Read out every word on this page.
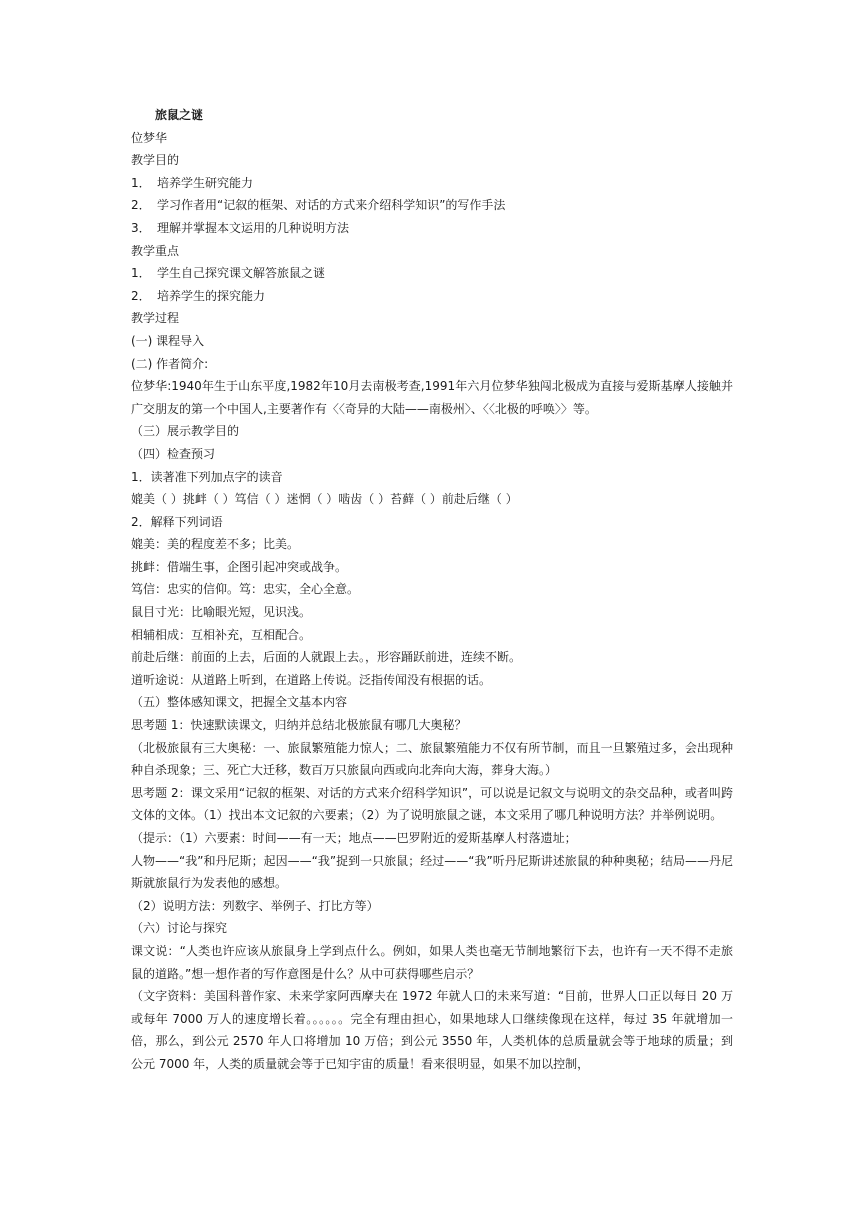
旅鼠之谜
位梦华
教学目的
1． 培养学生研究能力
2． 学习作者用“记叙的框架、对话的方式来介绍科学知识”的写作手法
3． 理解并掌握本文运用的几种说明方法
教学重点
1． 学生自己探究课文解答旅鼠之谜
2． 培养学生的探究能力
教学过程
(一) 课程导入
(二) 作者简介:
位梦华:1940年生于山东平度,1982年10月去南极考查,1991年六月位梦华独闯北极成为直接与爱斯基摩人接触并广交朋友的第一个中国人,主要著作有〈〈奇异的大陆——南极州〉、〈〈北极的呼唤〉〉等。
（三）展示教学目的
（四）检查预习
1．读著准下列加点字的读音
媲美（ ）挑衅（ ）笃信（ ）迷惘（ ）啮齿（ ）苔藓（ ）前赴后继（ ）
2．解释下列词语
媲美：美的程度差不多；比美。
挑衅：借端生事，企图引起冲突或战争。
笃信：忠实的信仰。笃：忠实，全心全意。
鼠目寸光：比喻眼光短，见识浅。
相辅相成：互相补充，互相配合。
前赴后继：前面的上去，后面的人就跟上去。，形容踊跃前进，连续不断。
道听途说：从道路上听到，在道路上传说。泛指传闻没有根据的话。
（五）整体感知课文，把握全文基本内容
思考题 1：快速默读课文，归纳并总结北极旅鼠有哪几大奥秘？
（北极旅鼠有三大奥秘：一、旅鼠繁殖能力惊人；二、旅鼠繁殖能力不仅有所节制，而且一旦繁殖过多，会出现种种自杀现象；三、死亡大迁移，数百万只旅鼠向西或向北奔向大海，葬身大海。）
思考题 2：课文采用“记叙的框架、对话的方式来介绍科学知识”，可以说是记叙文与说明文的杂交品种，或者叫跨文体的文体。（1）找出本文记叙的六要素；（2）为了说明旅鼠之谜，本文采用了哪几种说明方法？并举例说明。
（提示：（1）六要素：时间——有一天；地点——巴罗附近的爱斯基摩人村落遗址；
人物——“我”和丹尼斯；起因——“我”捉到一只旅鼠；经过——“我”听丹尼斯讲述旅鼠的种种奥秘；结局——丹尼斯就旅鼠行为发表他的感想。
（2）说明方法：列数字、举例子、打比方等）
（六）讨论与探究
课文说：“人类也许应该从旅鼠身上学到点什么。例如，如果人类也毫无节制地繁衍下去，也许有一天不得不走旅鼠的道路。”想一想作者的写作意图是什么？从中可获得哪些启示？
（文字资料：美国科普作家、未来学家阿西摩夫在 1972 年就人口的未来写道：“目前，世界人口正以每日 20 万或每年 7000 万人的速度增长着。。。。。。完全有理由担心，如果地球人口继续像现在这样，每过 35 年就增加一倍，那么，到公元 2570 年人口将增加 10 万倍；到公元 3550 年，人类机体的总质量就会等于地球的质量；到公元 7000 年，人类的质量就会等于已知宇宙的质量！看来很明显，如果不加以控制，
